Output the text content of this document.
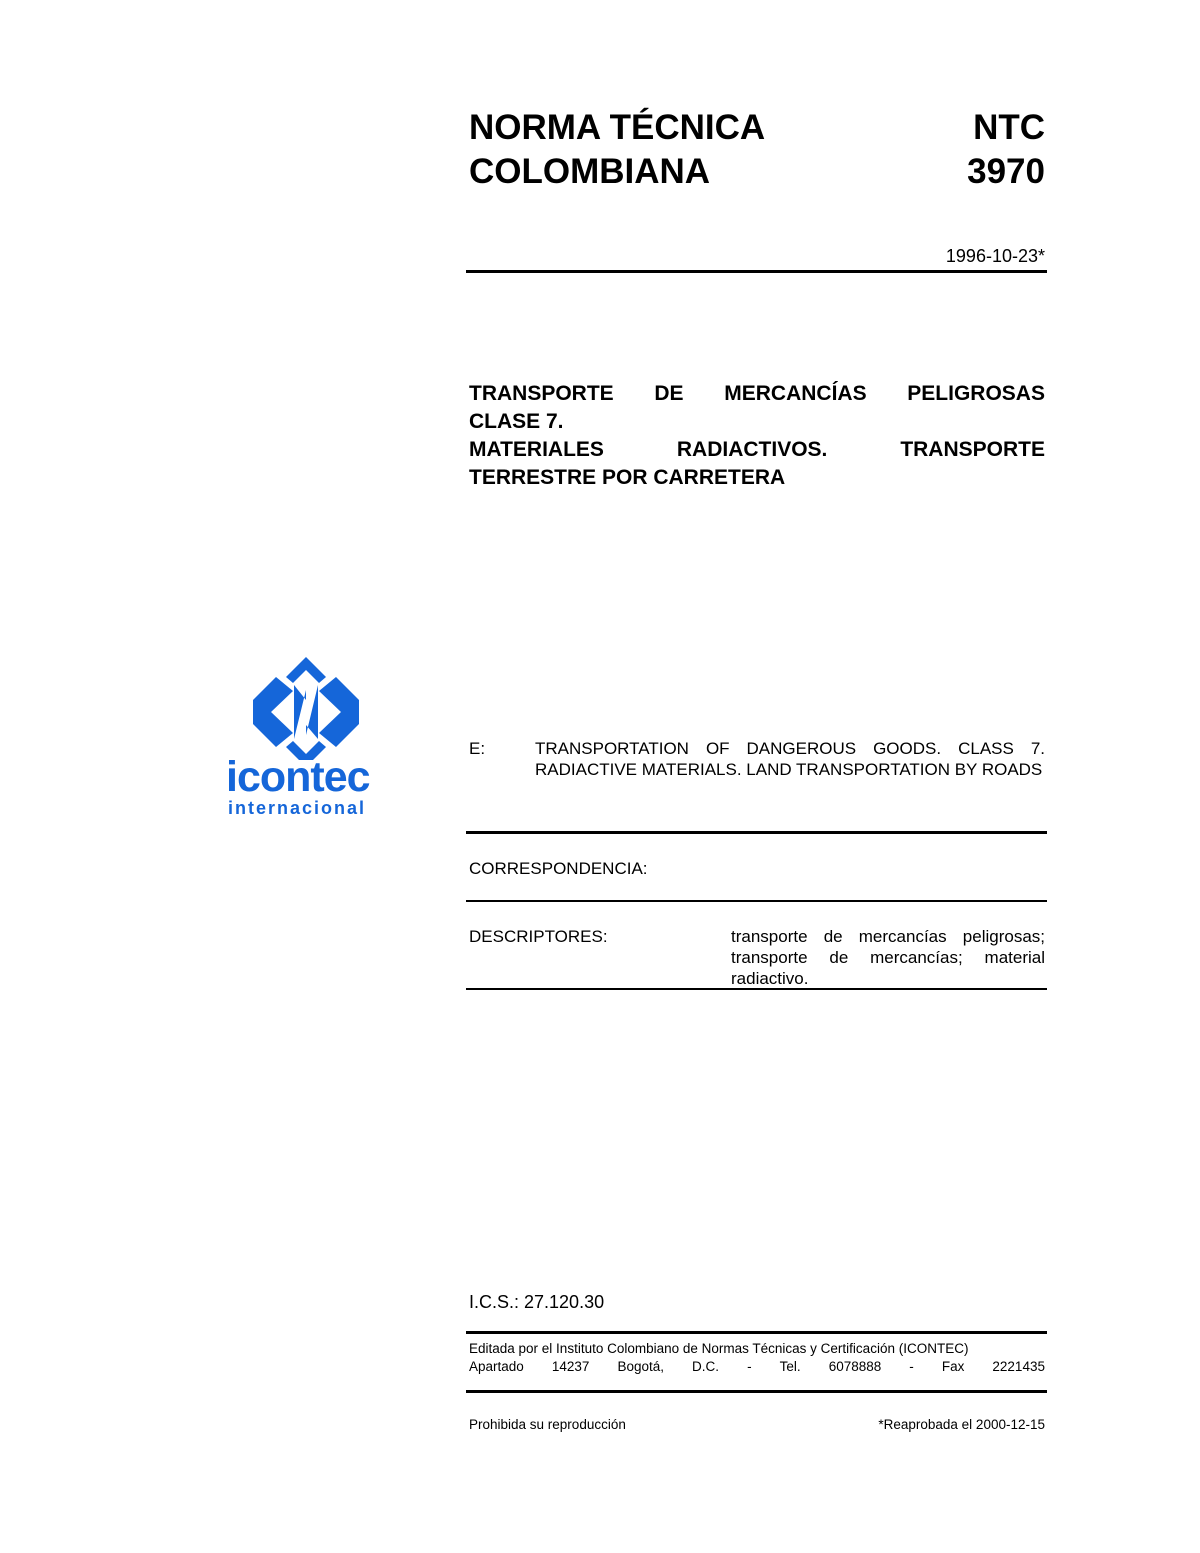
icontec
internacional
NORMA TÉCNICA
COLOMBIANA
NTC
3970
1996-10-23*
TRANSPORTE DE MERCANCÍAS PELIGROSAS
CLASE 7.
MATERIALES	RADIACTIVOS.	TRANSPORTE
TERRESTRE POR CARRETERA
E:	TRANSPORTATION OF DANGEROUS GOODS. CLASS 7. RADIACTIVE MATERIALS. LAND TRANSPORTATION BY ROADS
CORRESPONDENCIA:
DESCRIPTORES:	transporte de mercancías peligrosas; transporte de mercancías; material radiactivo.
I.C.S.: 27.120.30
Editada por el Instituto Colombiano de Normas Técnicas y Certificación (ICONTEC)
Apartado 14237 Bogotá, D.C. - Tel. 6078888 - Fax 2221435
Prohibida su reproducción	*Reaprobada el 2000-12-15
